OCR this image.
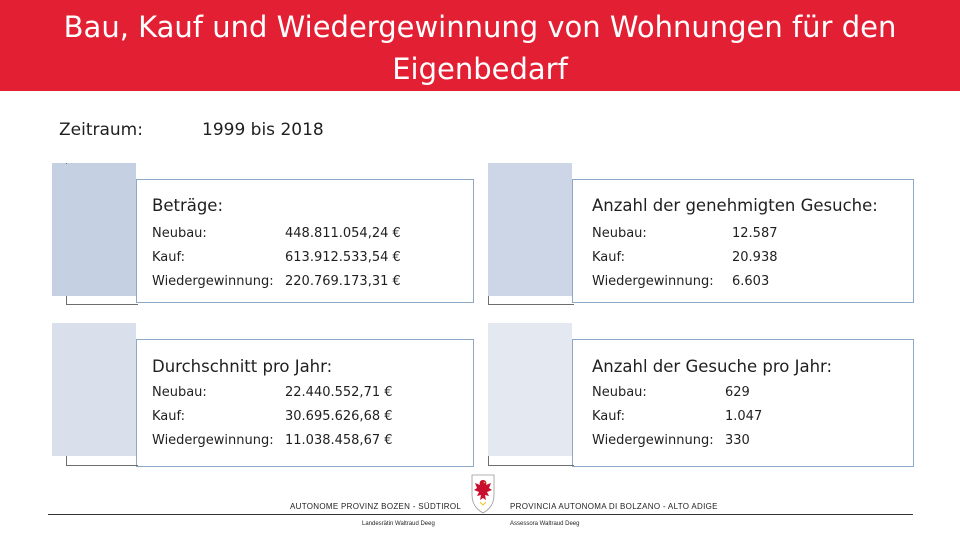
Bau, Kauf und Wiedergewinnung von Wohnungen für den Eigenbedarf
Zeitraum:	1999 bis 2018
Beträge:
Neubau:	448.811.054,24 €
Kauf:	613.912.533,54 €
Wiedergewinnung: 220.769.173,31 €
Anzahl der genehmigten Gesuche:
Neubau:	12.587
Kauf:	20.938
Wiedergewinnung: 6.603
Durchschnitt pro Jahr:
Neubau:	22.440.552,71 €
Kauf:	30.695.626,68 €
Wiedergewinnung: 11.038.458,67 €
Anzahl der Gesuche pro Jahr:
Neubau:	629
Kauf:	1.047
Wiedergewinnung: 330
AUTONOME PROVINZ BOZEN - SÜDTIROL	PROVINCIA AUTONOMA DI BOLZANO - ALTO ADIGE
Landesrätin Waltraud Deeg	Assessora Waltraud Deeg
